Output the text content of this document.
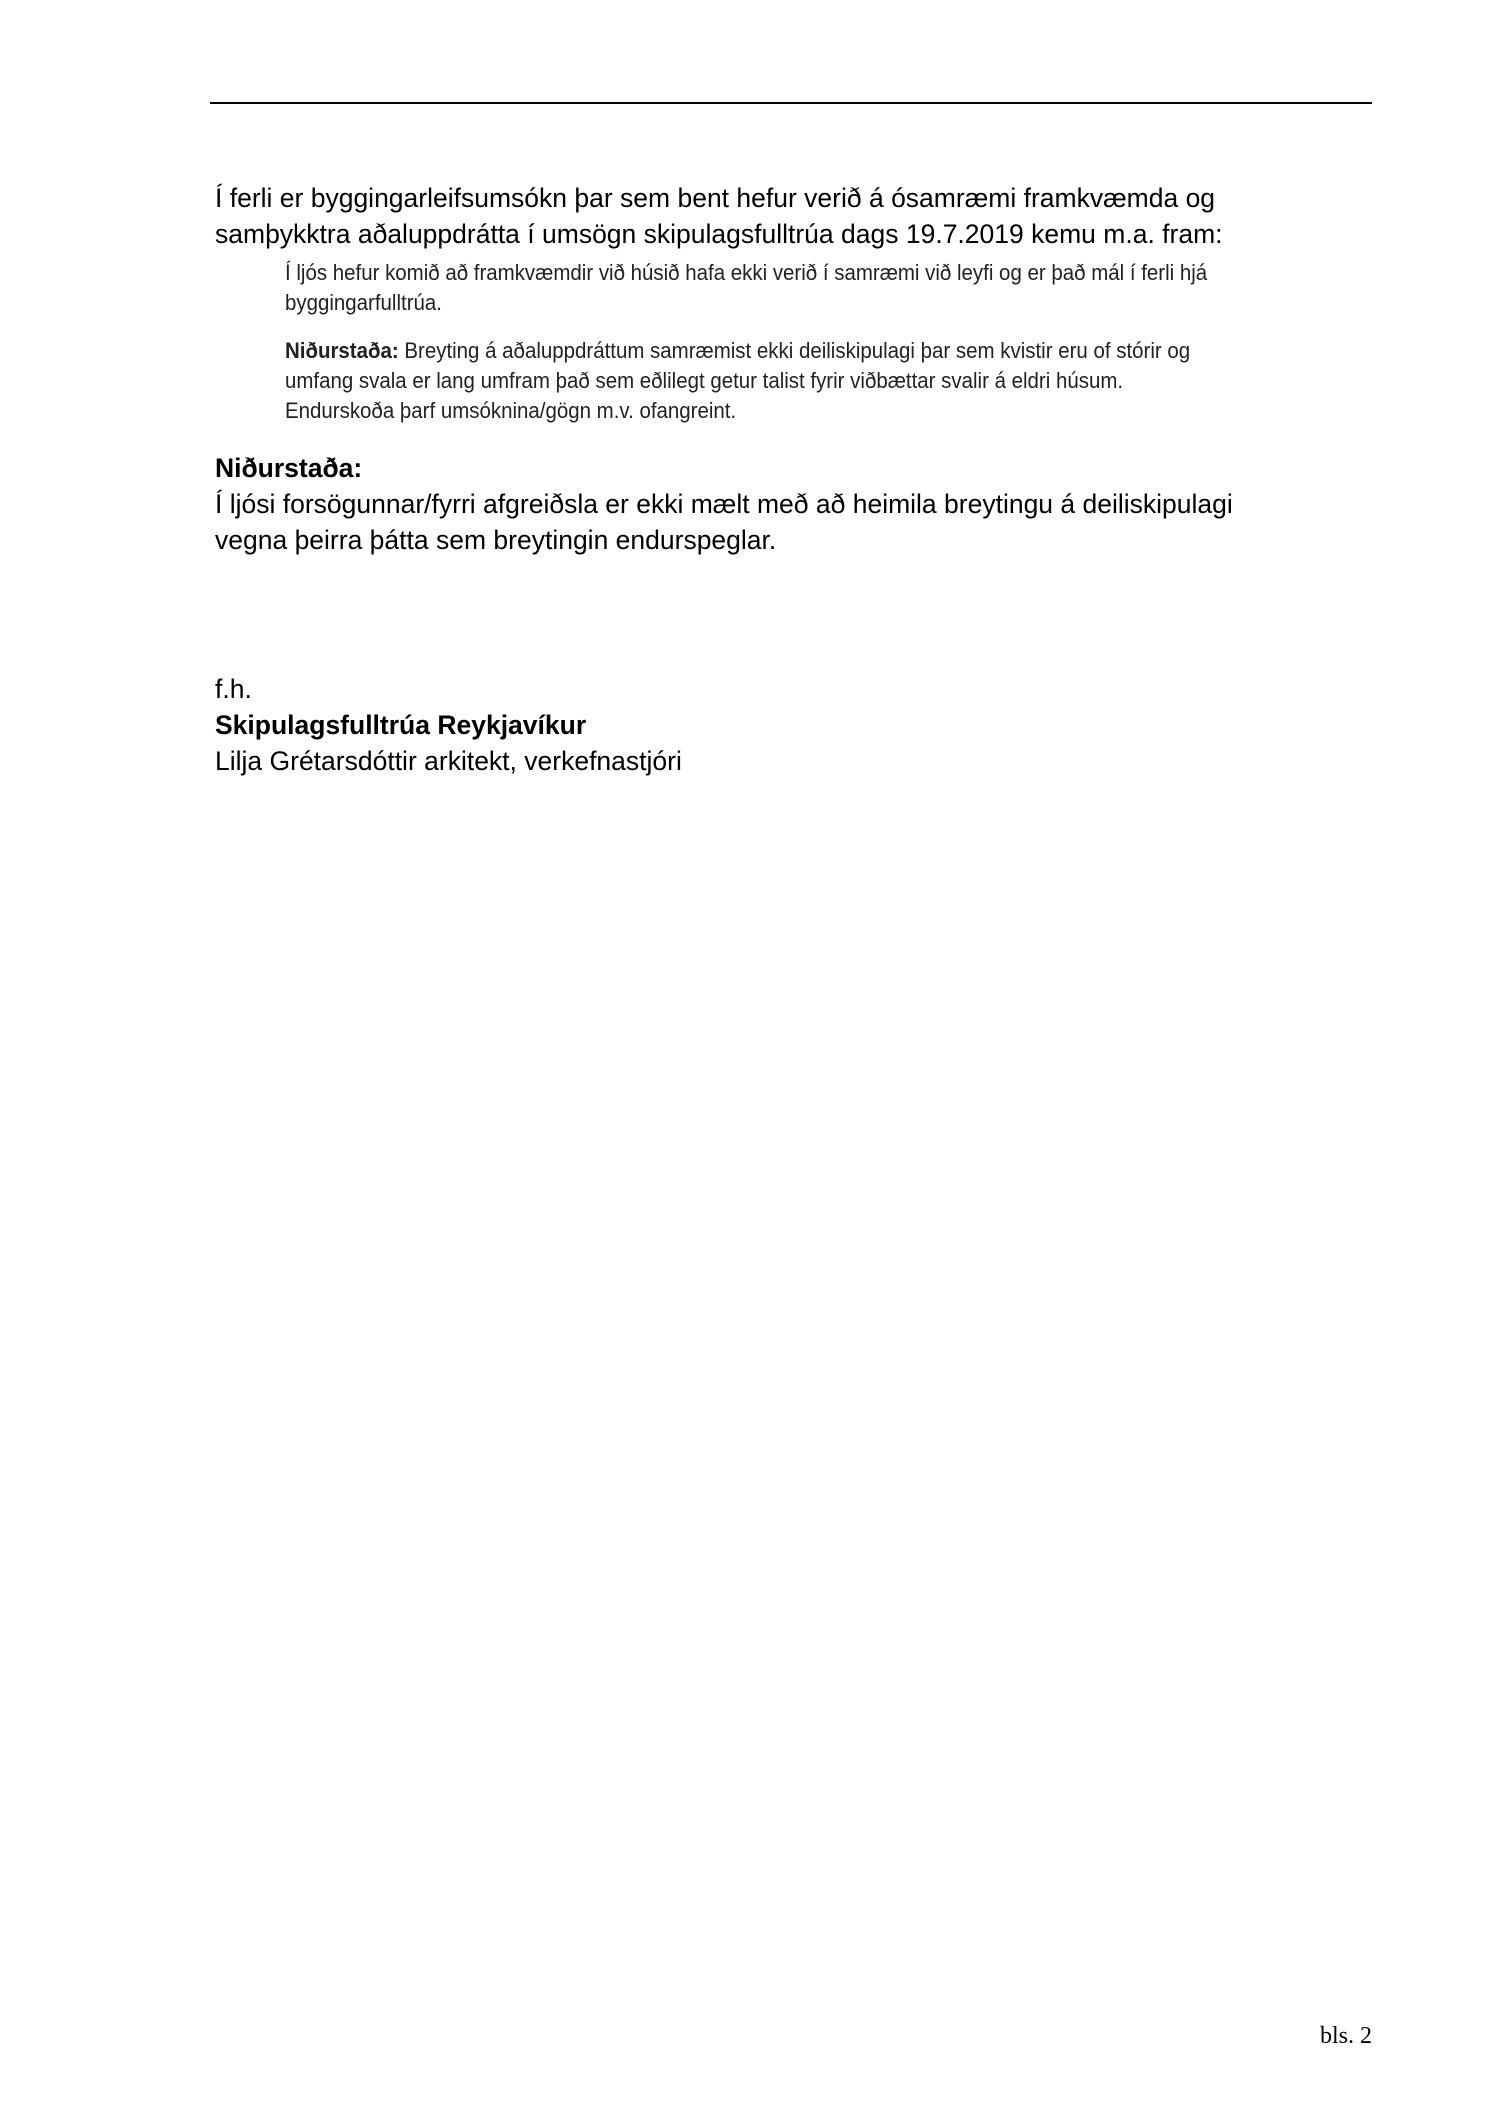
Í ferli er byggingarleifsumsókn þar sem bent hefur verið á ósamræmi framkvæmda og
samþykktra aðaluppdrátta í umsögn skipulagsfulltrúa dags 19.7.2019 kemu m.a. fram:

Í ljós hefur komið að framkvæmdir við húsið hafa ekki verið í samræmi við leyfi og er það mál í ferli hjá
byggingarfulltrúa.

Niðurstaða: Breyting á aðaluppdráttum samræmist ekki deiliskipulagi þar sem kvistir eru of stórir og
umfang svala er lang umfram það sem eðlilegt getur talist fyrir viðbættar svalir á eldri húsum.
Endurskoða þarf umsóknina/gögn m.v. ofangreint.

Niðurstaða:
Í ljósi forsögunnar/fyrri afgreiðsla er ekki mælt með að heimila breytingu á deiliskipulagi
vegna þeirra þátta sem breytingin endurspeglar.
f.h.
Skipulagsfulltrúa Reykjavíkur
Lilja Grétarsdóttir arkitekt, verkefnastjóri
bls. 2
